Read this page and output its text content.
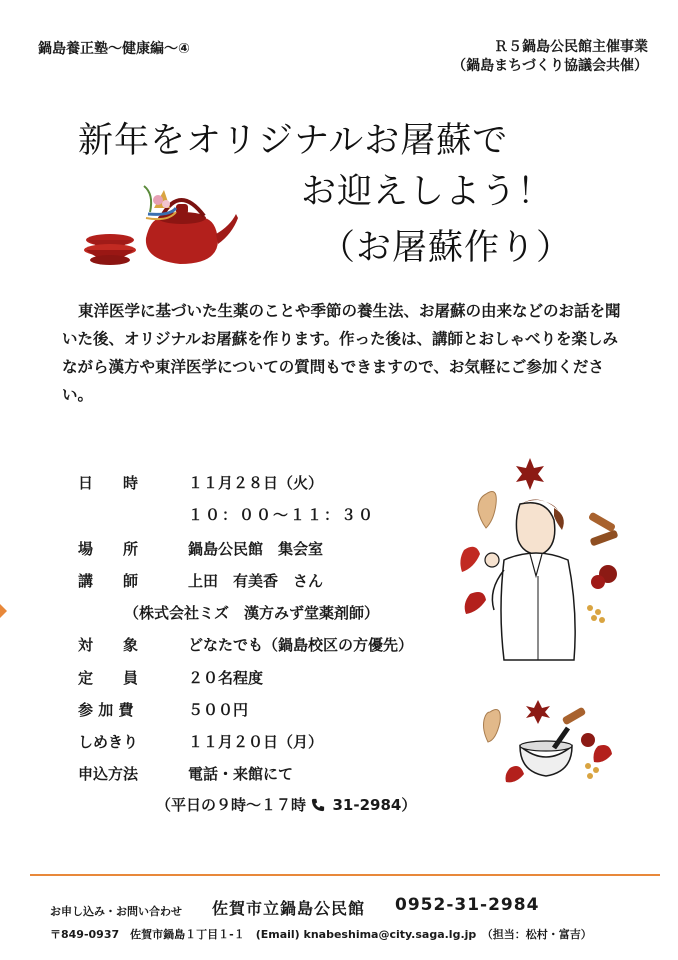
鍋島養正塾〜健康編〜④	Ｒ５鍋島公民館主催事業
（鍋島まちづくり協議会共催）
新年をオリジナルお屠蘇で
お迎えしよう！
（お屠蘇作り）
東洋医学に基づいた生薬のことや季節の養生法、お屠蘇の由来などのお話を聞いた後、オリジナルお屠蘇を作ります。作った後は、講師とおしゃべりを楽しみながら漢方や東洋医学についての質問もできますので、お気軽にご参加ください。
日　　時	１１月２８日（火）
１０：００〜１１：３０
場　　所	鍋島公民館　集会室
講　　師	上田　有美香　さん
（株式会社ミズ　漢方みず堂薬剤師）
対　　象	どなたでも（鍋島校区の方優先）
定　　員	２０名程度
参 加 費	５００円
しめきり	１１月２０日（月）
申込方法	電話・来館にて
（平日の９時〜１７時 31-2984）
お申し込み・お問い合わせ 佐賀市立鍋島公民館 0952-31-2984
〒849-0937　佐賀市鍋島１丁目１-１　(Email) knabeshima@city.saga.lg.jp　（担当：松村・富吉）
